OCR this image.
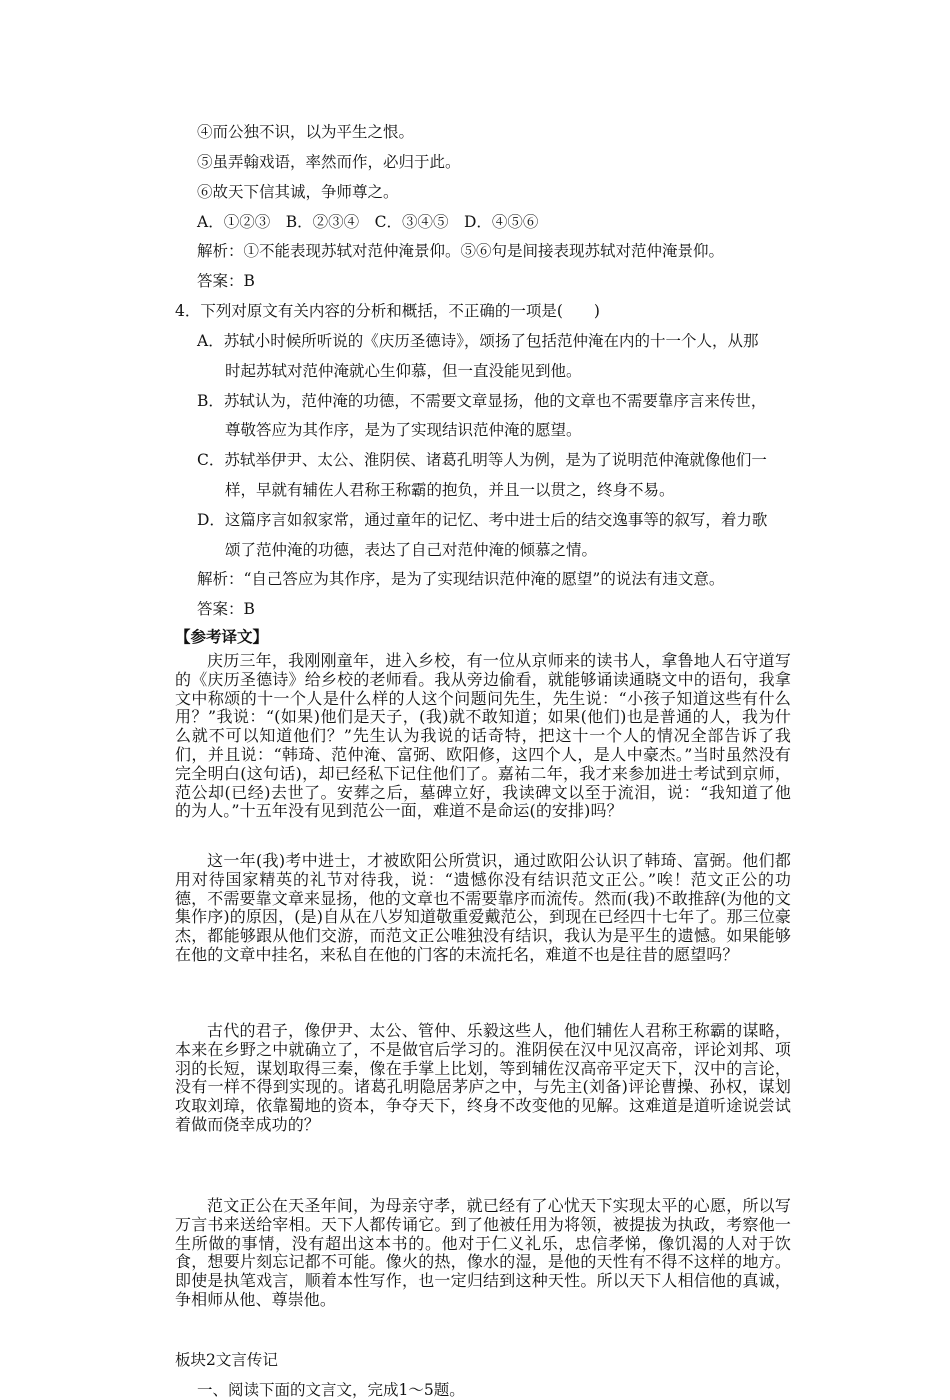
④而公独不识，以为平生之恨。
⑤虽弄翰戏语，率然而作，必归于此。
⑥故天下信其诚，争师尊之。
A．①②③　B．②③④　C．③④⑤　D．④⑤⑥
解析：①不能表现苏轼对范仲淹景仰。⑤⑥句是间接表现苏轼对范仲淹景仰。
答案：B
4．下列对原文有关内容的分析和概括，不正确的一项是(　　)
A．苏轼小时候所听说的《庆历圣德诗》，颂扬了包括范仲淹在内的十一个人，从那
时起苏轼对范仲淹就心生仰慕，但一直没能见到他。
B．苏轼认为，范仲淹的功德，不需要文章显扬，他的文章也不需要靠序言来传世，
尊敬答应为其作序，是为了实现结识范仲淹的愿望。
C．苏轼举伊尹、太公、淮阴侯、诸葛孔明等人为例，是为了说明范仲淹就像他们一
样，早就有辅佐人君称王称霸的抱负，并且一以贯之，终身不易。
D．这篇序言如叙家常，通过童年的记忆、考中进士后的结交逸事等的叙写，着力歌
颂了范仲淹的功德，表达了自己对范仲淹的倾慕之情。
解析：“自己答应为其作序，是为了实现结识范仲淹的愿望”的说法有违文意。
答案：B
【参考译文】
庆历三年，我刚刚童年，进入乡校，有一位从京师来的读书人，拿鲁地人石守道写的《庆历圣德诗》给乡校的老师看。我从旁边偷看，就能够诵读通晓文中的语句，我拿文中称颂的十一个人是什么样的人这个问题问先生，先生说：“小孩子知道这些有什么用？”我说：“(如果)他们是天子，(我)就不敢知道；如果(他们)也是普通的人，我为什么就不可以知道他们？”先生认为我说的话奇特，把这十一个人的情况全部告诉了我们，并且说：“韩琦、范仲淹、富弼、欧阳修，这四个人，是人中豪杰。”当时虽然没有完全明白(这句话)，却已经私下记住他们了。嘉祐二年，我才来参加进士考试到京师，范公却(已经)去世了。安葬之后，墓碑立好，我读碑文以至于流泪，说：“我知道了他的为人。”十五年没有见到范公一面，难道不是命运(的安排)吗？
这一年(我)考中进士，才被欧阳公所赏识，通过欧阳公认识了韩琦、富弼。他们都用对待国家精英的礼节对待我，说：“遗憾你没有结识范文正公。”唉！范文正公的功德，不需要靠文章来显扬，他的文章也不需要靠序而流传。然而(我)不敢推辞(为他的文集作序)的原因，(是)自从在八岁知道敬重爱戴范公，到现在已经四十七年了。那三位豪杰，都能够跟从他们交游，而范文正公唯独没有结识，我认为是平生的遗憾。如果能够在他的文章中挂名，来私自在他的门客的末流托名，难道不也是往昔的愿望吗？
古代的君子，像伊尹、太公、管仲、乐毅这些人，他们辅佐人君称王称霸的谋略，本来在乡野之中就确立了，不是做官后学习的。淮阴侯在汉中见汉高帝，评论刘邦、项羽的长短，谋划取得三秦，像在手掌上比划，等到辅佐汉高帝平定天下，汉中的言论，没有一样不得到实现的。诸葛孔明隐居茅庐之中，与先主(刘备)评论曹操、孙权，谋划攻取刘璋，依靠蜀地的资本，争夺天下，终身不改变他的见解。这难道是道听途说尝试着做而侥幸成功的？
范文正公在天圣年间，为母亲守孝，就已经有了心忧天下实现太平的心愿，所以写万言书来送给宰相。天下人都传诵它。到了他被任用为将领，被提拔为执政，考察他一生所做的事情，没有超出这本书的。他对于仁义礼乐，忠信孝悌，像饥渴的人对于饮食，想要片刻忘记都不可能。像火的热，像水的湿，是他的天性有不得不这样的地方。即使是执笔戏言，顺着本性写作，也一定归结到这种天性。所以天下人相信他的真诚，争相师从他、尊崇他。
板块2文言传记
一、阅读下面的文言文，完成1～5题。
